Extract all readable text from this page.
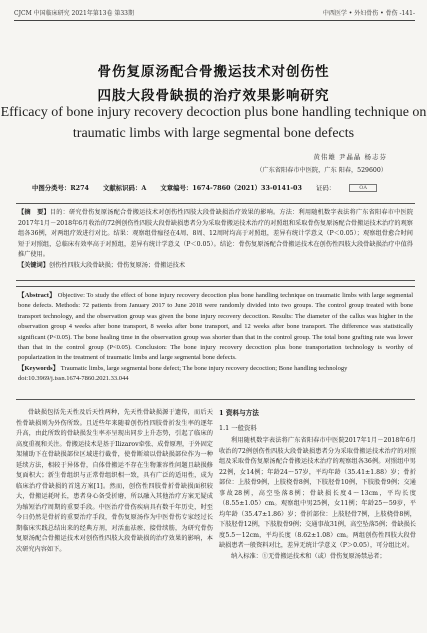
CJCM 中国临床研究 2021年第13卷 第33期	中西医学 • 外妇骨伤 • 骨伤 -141-
骨伤复原汤配合骨搬运技术对创伤性
四肢大段骨缺损的治疗效果影响研究
Efficacy of bone injury recovery decoction plus bone handling technique on
traumatic limbs with large segmental bone defects
黄伟雄 尹晶晶 杨志芬
（广东省阳春市中医院，广东 阳春，529600）
中图分类号：R274 文献标识码：A 文章编号：1674-7860（2021）33-0141-03 证码：	OA
【摘　要】目的：研究骨伤复原汤配合骨搬运技术对创伤性四肢大段骨缺损治疗效果的影响。方法：利用随机数字表法将广东省阳春市中医院2017年1月－2018年6月收治的72例创伤性四肢大段骨缺损患者分为采取骨搬运技术治疗的对照组和采取骨伤复原汤配合骨搬运技术治疗的观察组各36例，对两组疗效进行对比。结果：观察组骨痂径在4周、8周、12周时均高于对照组，差异有统计学意义（P＜0.05）；观察组骨愈合时间短于对照组，总临床有效率高于对照组，差异有统计学意义（P＜0.05）。结论：骨伤复原汤配合骨搬运技术在创伤性四肢大段骨缺损治疗中值得推广使用。
【关键词】创伤性四肢大段骨缺损；骨伤复原汤；骨搬运技术
【Abstract】 Objective: To study the effect of bone injury recovery decoction plus bone handling technique on traumatic limbs with large segmental bone defects. Methods: 72 patients from January 2017 to June 2018 were randomly divided into two groups. The control group treated with bone transport technology, and the observation group was given the bone injury recovery decoction. Results: The diameter of the callus was higher in the observation group 4 weeks after bone transport, 8 weeks after bone transport, and 12 weeks after bone transport. The difference was statistically significant (P<0.05). The bone healing time in the observation group was shorter than that in the control group. The total bone grafting rate was lower than that in the control group (P<0.05). Conclusion: The bone injury recovery decoction plus bone transportation technology is worthy of popularization in the treatment of traumatic limbs and large segmental bone defects.
【Keywords】 Traumatic limbs, large segmental bone defect; The bone injury recovery decoction; Bone handling technology
doi:10.3969/j.issn.1674-7860.2021.33.044

骨缺损包括先天性及后天性两种，先天性骨缺损源于遗传，而后天性骨缺损则为外伤所致。且近些年来随着创伤性四肢骨折发生率的逐年升高，由此所致的骨缺损发生率亦呈现出同步上升态势，引起了临床的高度重视和关注。骨搬运技术是基于Ilizarov牵张、成骨原理，于外固定架辅助下在骨缺损部位区域进行截骨，使骨断端以骨缺损部位作为一种延续方法，相较于异体骨，自体骨搬运不存在生物兼容性问题且缺损修复面积大；新生骨组织与正常骨组织相一致，具有广泛的适用性，成为临床治疗骨缺损的首选方案[1]。然而，创伤性四肢骨折骨缺损面积较大，骨搬运耗时长，患者身心备受折磨，所以融入其他治疗方案无疑成为缩短治疗周期的重要手段。中医治疗骨伤疾病具有数千年历史，时至今日仍然是骨折的重要治疗手段，骨伤复原汤作为中医骨伤专家经过长期临床实践总结出来的经典方剂，对活血祛瘀、接骨续筋，为研究骨伤复原汤配合骨搬运技术对创伤性四肢大段骨缺损的治疗效果的影响，本次研究内容如下。

1 资料与方法
1.1 一般资料

利用随机数字表法将广东省阳春市中医院2017年1月－2018年6月收治的72例创伤性四肢大段骨缺损患者分为采取骨搬运技术治疗的对照组及采取骨伤复原汤配合骨搬运技术治疗的观察组各36例。对照组中男22例，女14例；年龄24～57岁，平均年龄（35.41±1.88）岁；骨折部位：上肢骨9例，上肢桡骨8例，下肢胫骨10例，下肢股骨9例；交通事故28例，高空坠落8例；骨缺损长度4～13cm，平均长度（8.55±1.05）cm。观察组中男25例，女11例；年龄25～59岁，平均年龄（35.47±1.86）岁；骨折部位：上肢胫骨7例，上肢桡骨8例，下肢胫骨12例，下肢股骨9例；交通事故31例，高空坠落5例；骨缺损长度5.5～12cm，平均长度（8.62±1.08）cm。两组创伤性四肢大段骨缺损患者一般资料对比，差异无统计学意义（P＞0.05），可分组比对。

纳入标准：①无骨搬运技术和（或）骨伤复原汤禁忌者；
